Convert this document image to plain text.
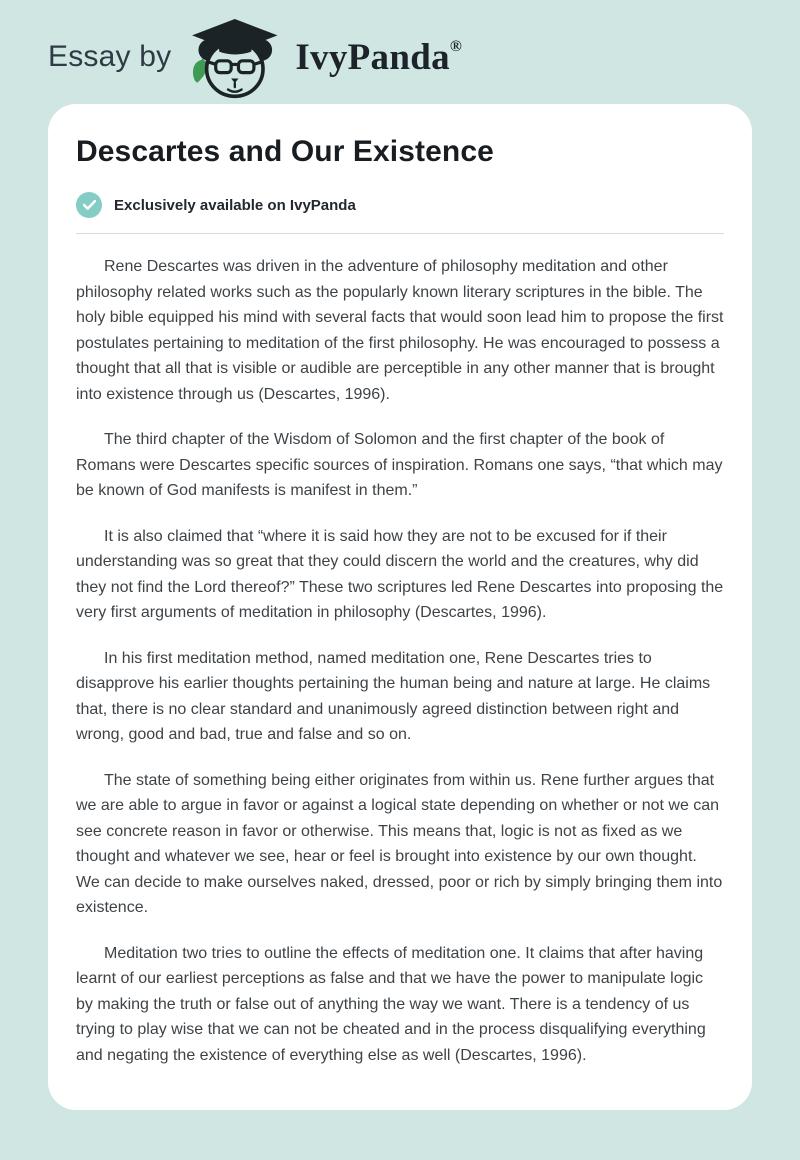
Essay by	IvyPanda ®
Descartes and Our Existence
Exclusively available on IvyPanda

Rene Descartes was driven in the adventure of philosophy meditation and other philosophy related works such as the popularly known literary scriptures in the bible. The holy bible equipped his mind with several facts that would soon lead him to propose the first postulates pertaining to meditation of the first philosophy. He was encouraged to possess a thought that all that is visible or audible are perceptible in any other manner that is brought into existence through us (Descartes, 1996).

The third chapter of the Wisdom of Solomon and the first chapter of the book of Romans were Descartes specific sources of inspiration. Romans one says, “that which may be known of God manifests is manifest in them.”

It is also claimed that “where it is said how they are not to be excused for if their understanding was so great that they could discern the world and the creatures, why did they not find the Lord thereof?” These two scriptures led Rene Descartes into proposing the very first arguments of meditation in philosophy (Descartes, 1996).

In his first meditation method, named meditation one, Rene Descartes tries to disapprove his earlier thoughts pertaining the human being and nature at large. He claims that, there is no clear standard and unanimously agreed distinction between right and wrong, good and bad, true and false and so on.

The state of something being either originates from within us. Rene further argues that we are able to argue in favor or against a logical state depending on whether or not we can see concrete reason in favor or otherwise. This means that, logic is not as fixed as we thought and whatever we see, hear or feel is brought into existence by our own thought. We can decide to make ourselves naked, dressed, poor or rich by simply bringing them into existence.

Meditation two tries to outline the effects of meditation one. It claims that after having learnt of our earliest perceptions as false and that we have the power to manipulate logic by making the truth or false out of anything the way we want. There is a tendency of us trying to play wise that we can not be cheated and in the process disqualifying everything and negating the existence of everything else as well (Descartes, 1996).
